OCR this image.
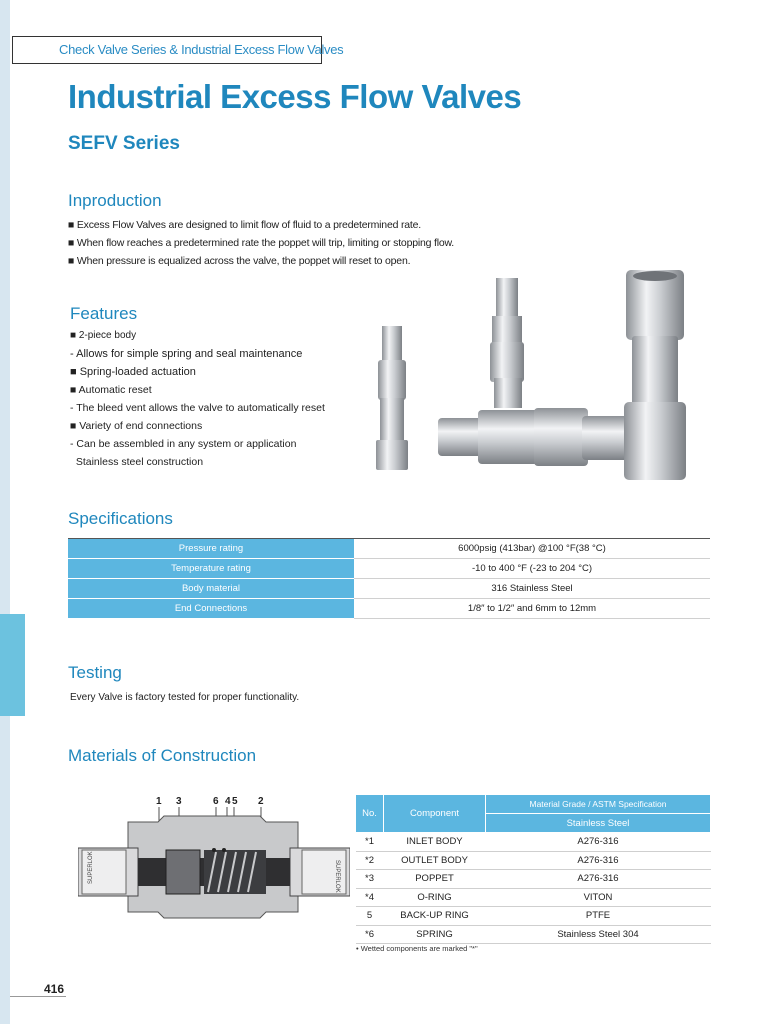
Check Valve Series & Industrial Excess Flow Valves
Industrial Excess Flow Valves
SEFV Series
Inproduction
■ Excess Flow Valves are designed to limit flow of fluid to a predetermined rate.
■ When flow reaches a predetermined rate the poppet will trip, limiting or stopping flow.
■ When pressure is equalized across the valve, the poppet will reset to open.
Features
■ 2-piece body
- Allows for simple spring and seal maintenance
■ Spring-loaded actuation
■ Automatic reset
- The bleed vent allows the valve to automatically reset
■ Variety of end connections
- Can be assembled in any system or application
Stainless steel construction
Specifications
Pressure rating	6000psig (413bar) @100 °F(38 °C)
Temperature rating	-10 to 400 °F (-23 to 204 °C)
Body material	316 Stainless Steel
End Connections	1/8″ to 1/2″ and 6mm to 12mm
Testing
Every Valve is factory tested for proper functionality.
Materials of Construction
1 3	6 4 5 2
SUPERLOK	SUPERLOK
No.	Component	Material Grade / ASTM Specification
		Stainless Steel
*1	INLET BODY	A276-316
*2	OUTLET BODY	A276-316
*3	POPPET	A276-316
*4	O-RING	VITON
5	BACK-UP RING	PTFE
*6	SPRING	Stainless Steel 304
• Wetted components are marked "*"
416
